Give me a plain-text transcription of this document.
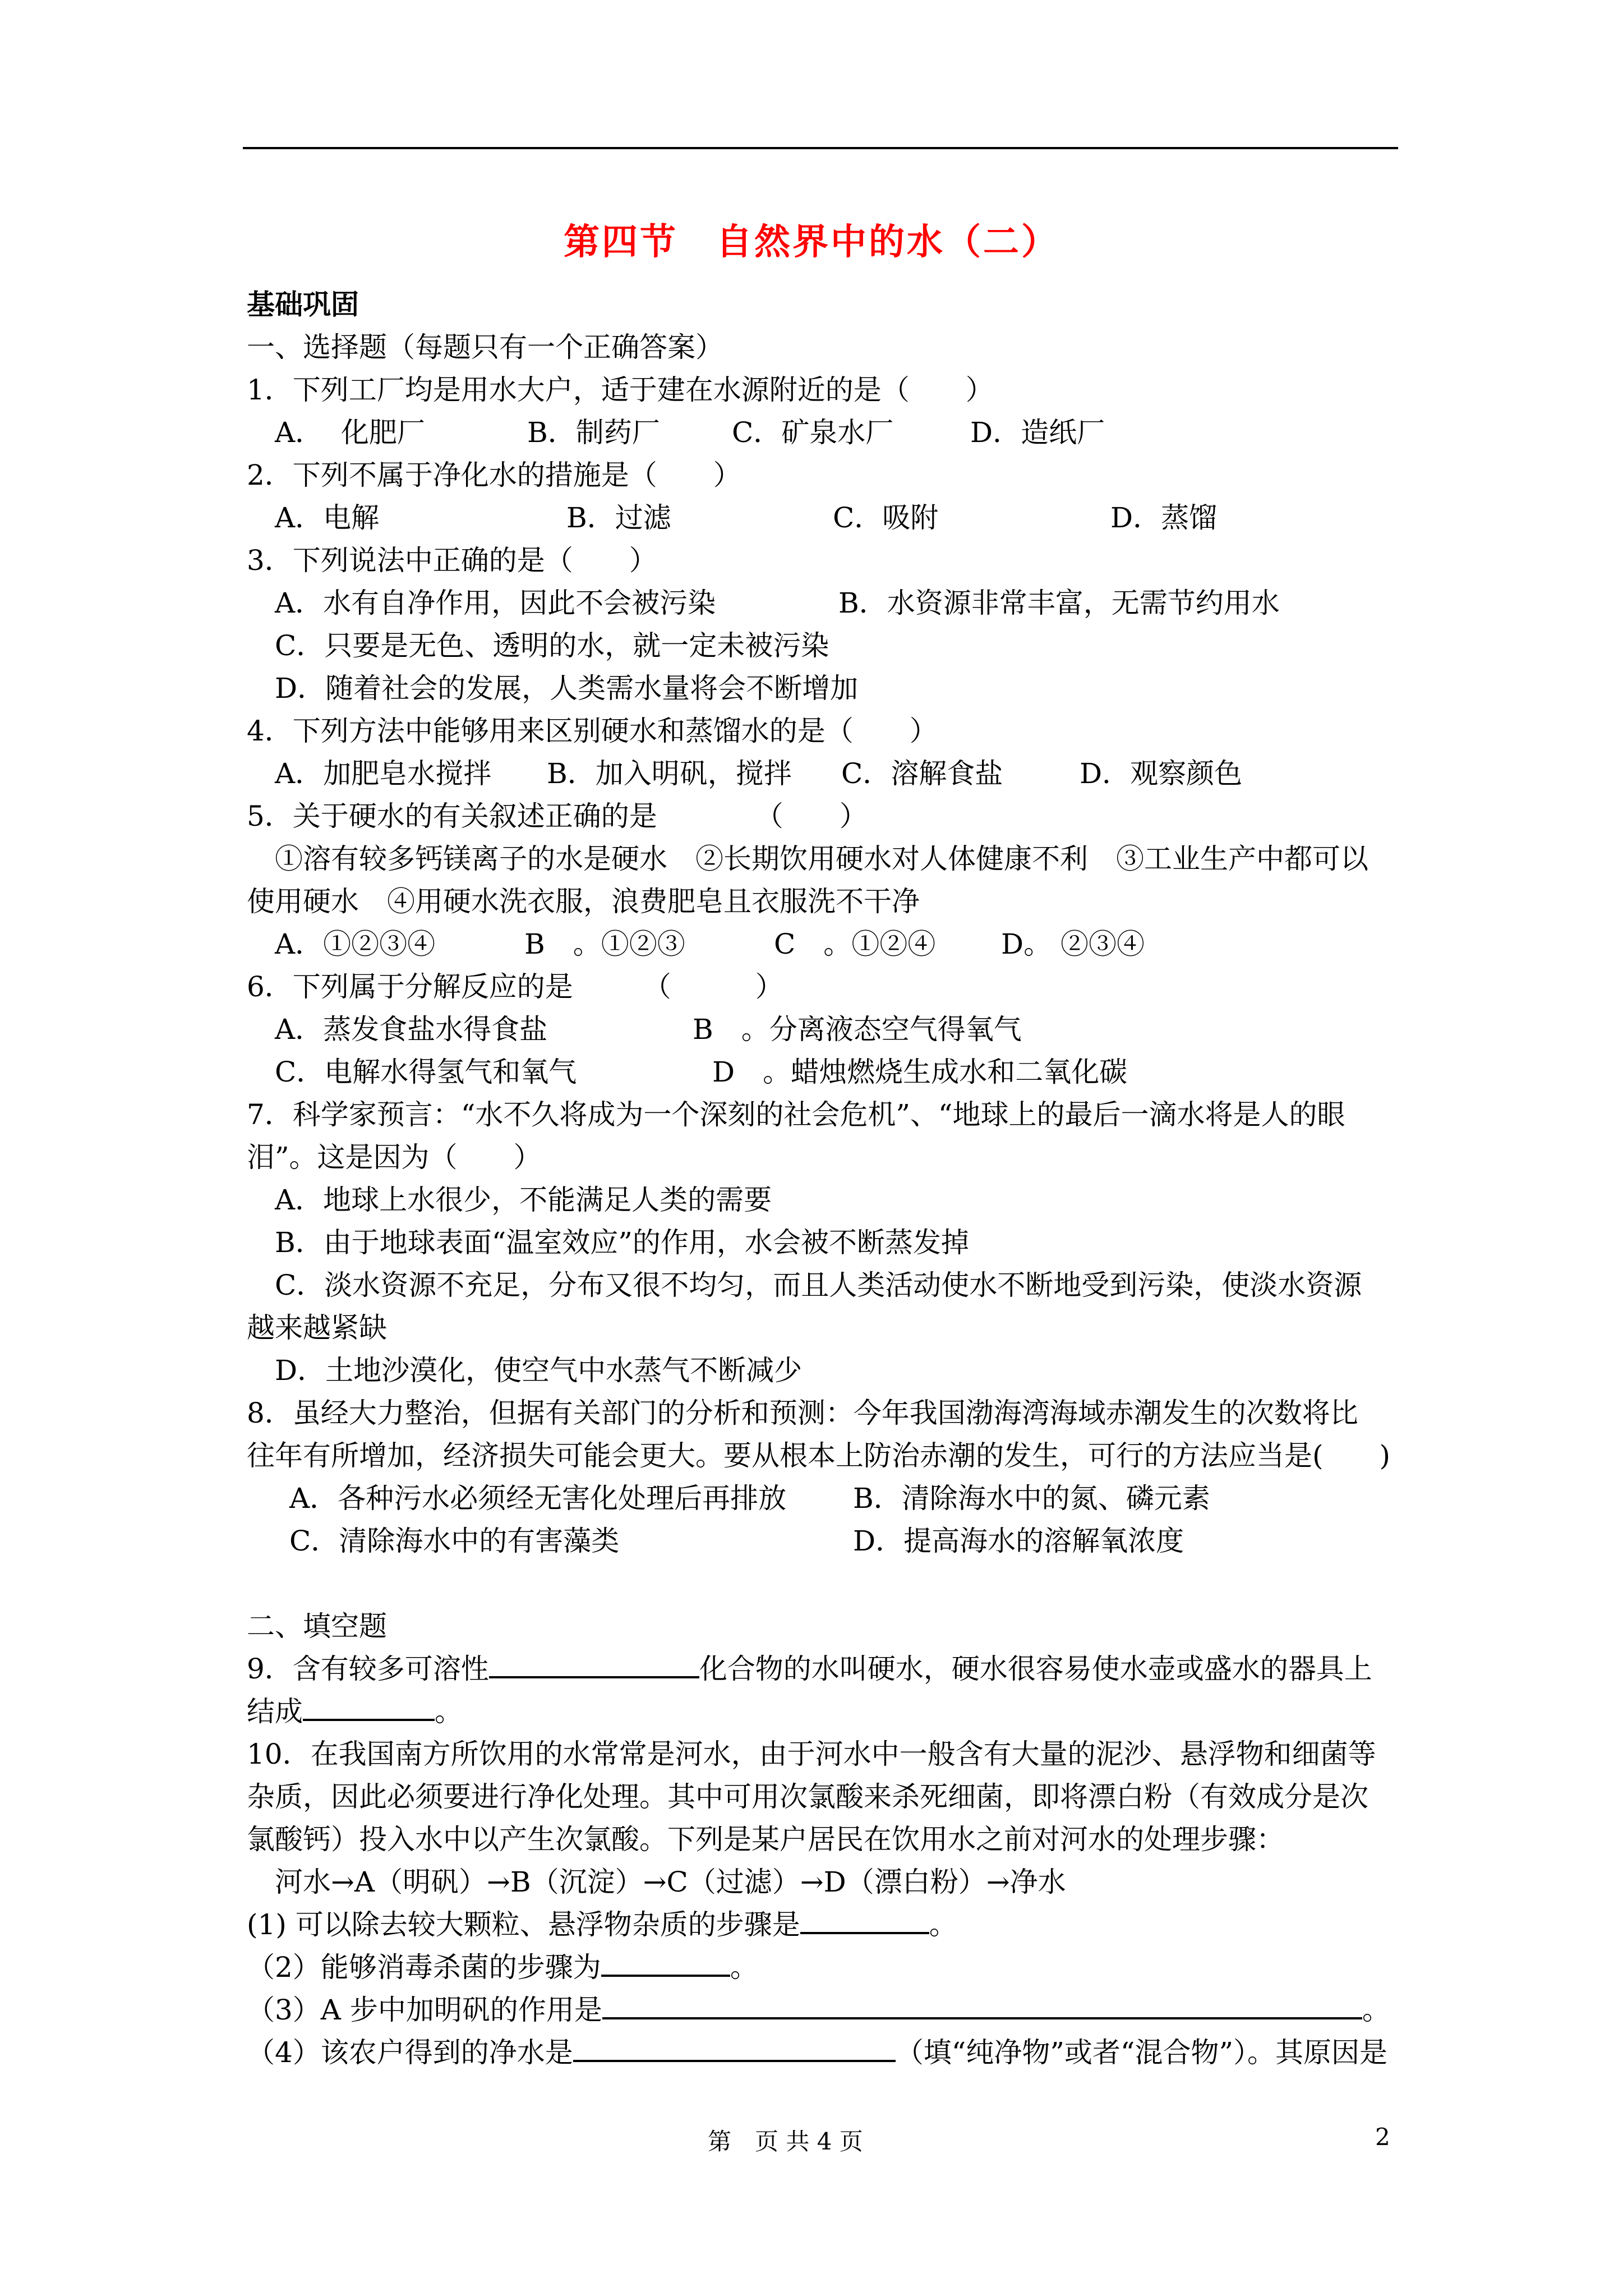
第四节　自然界中的水（二）
基础巩固
一、选择题（每题只有一个正确答案）
1．下列工厂均是用水大户，适于建在水源附近的是（　　）
A．  化肥厂	B．制药厂	C．矿泉水厂	D．造纸厂
2．下列不属于净化水的措施是（　　）
A．电解	B．过滤	C．吸附	D．蒸馏
3．下列说法中正确的是（　　）
A．水有自净作用，因此不会被污染	B．水资源非常丰富，无需节约用水
C．只要是无色、透明的水，就一定未被污染
D．随着社会的发展，人类需水量将会不断增加
4．下列方法中能够用来区别硬水和蒸馏水的是（　　）
A．加肥皂水搅拌 B．加入明矾，搅拌 C．溶解食盐	D．观察颜色
5．关于硬水的有关叙述正确的是　　　　（　　）
①溶有较多钙镁离子的水是硬水　②长期饮用硬水对人体健康不利　③工业生产中都可以
使用硬水　④用硬水洗衣服，浪费肥皂且衣服洗不干净
A．①②③④	B　。①②③	C　。①②④ D。 ②③④
6．下列属于分解反应的是　　　（　　　）
A．蒸发食盐水得食盐	B　。分离液态空气得氧气
C．电解水得氢气和氧气	D　。蜡烛燃烧生成水和二氧化碳
7．科学家预言：“水不久将成为一个深刻的社会危机”、“地球上的最后一滴水将是人的眼
泪”。这是因为（　　）
A．地球上水很少，不能满足人类的需要
B．由于地球表面“温室效应”的作用，水会被不断蒸发掉
C．淡水资源不充足，分布又很不均匀，而且人类活动使水不断地受到污染，使淡水资源
越来越紧缺
D．土地沙漠化，使空气中水蒸气不断减少
8．虽经大力整治，但据有关部门的分析和预测：今年我国渤海湾海域赤潮发生的次数将比
往年有所增加，经济损失可能会更大。要从根本上防治赤潮的发生，可行的方法应当是(　　)
A．各种污水必须经无害化处理后再排放 B．清除海水中的氮、磷元素
C．清除海水中的有害藻类	D．提高海水的溶解氧浓度
二、填空题
9．含有较多可溶性	化合物的水叫硬水，硬水很容易使水壶或盛水的器具上
结成	。
10．在我国南方所饮用的水常常是河水，由于河水中一般含有大量的泥沙、悬浮物和细菌等
杂质，因此必须要进行净化处理。其中可用次氯酸来杀死细菌，即将漂白粉（有效成分是次
氯酸钙）投入水中以产生次氯酸。下列是某户居民在饮用水之前对河水的处理步骤：
河水→A（明矾）→B（沉淀）→C（过滤）→D（漂白粉）→净水
(1) 可以除去较大颗粒、悬浮物杂质的步骤是	。
（2）能够消毒杀菌的步骤为	。
（3）A 步中加明矾的作用是	。
（4）该农户得到的净水是	（填“纯净物”或者“混合物”）。其原因是
第　页 共 4 页	2
